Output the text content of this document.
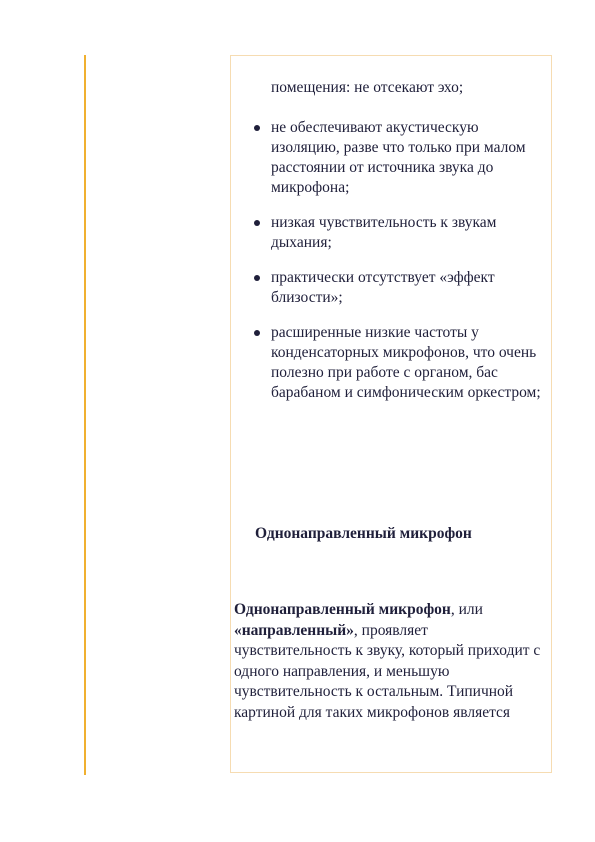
помещения: не отсекают эхо;
не обесπечивают акустическую изоляцию, разве что только при малом расстоянии от источника звука до микрофона;
низкая чувствительность к звукам дыхания;
практически отсутствует «эффект близости»;
расширенные низкие частоты у конденсаторных микрофонов, что очень полезно при работе с органом, бас барабаном и симфоническим оркестром;
Однонаправленный микрофон

Однонаправленный микрофон, или «направленный», проявляет чувствительность к звуку, который приходит с одного направления, и меньшую чувствительность к остальным. Типичной картиной для таких микрофонов является
